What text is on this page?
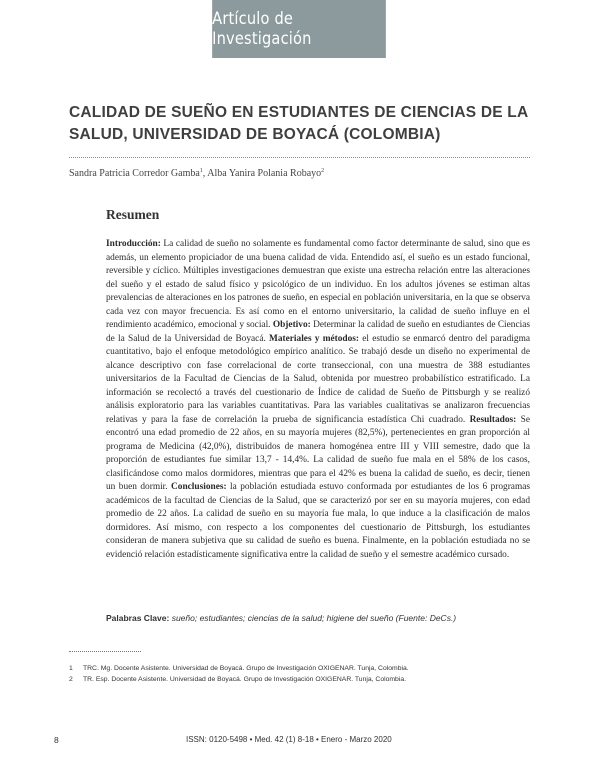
Artículo de Investigación
CALIDAD DE SUEÑO EN ESTUDIANTES DE CIENCIAS DE LA SALUD, UNIVERSIDAD DE BOYACÁ (COLOMBIA)
Sandra Patricia Corredor Gamba$^1$, Alba Yanira Polania Robayo$^2$
Resumen
Introducción: La calidad de sueño no solamente es fundamental como factor determinante de salud, sino que es además, un elemento propiciador de una buena calidad de vida. Entendido así, el sueño es un estado funcional, reversible y cíclico. Múltiples investigaciones demuestran que existe una estrecha relación entre las alteraciones del sueño y el estado de salud físico y psicológico de un individuo. En los adultos jóvenes se estiman altas prevalencias de alteraciones en los patrones de sueño, en especial en población universitaria, en la que se observa cada vez con mayor frecuencia. Es así como en el entorno universitario, la calidad de sueño influye en el rendimiento académico, emocional y social. Objetivo: Determinar la calidad de sueño en estudiantes de Ciencias de la Salud de la Universidad de Boyacá. Materiales y métodos: el estudio se enmarcó dentro del paradigma cuantitativo, bajo el enfoque metodológico empírico analítico. Se trabajó desde un diseño no experimental de alcance descriptivo con fase correlacional de corte transeccional, con una muestra de 388 estudiantes universitarios de la Facultad de Ciencias de la Salud, obtenida por muestreo probabilístico estratificado. La información se recolectó a través del cuestionario de Índice de calidad de Sueño de Pittsburgh y se realizó análisis exploratorio para las variables cuantitativas. Para las variables cualitativas se analizaron frecuencias relativas y para la fase de correlación la prueba de significancia estadística Chi cuadrado. Resultados: Se encontró una edad promedio de 22 años, en su mayoría mujeres (82,5%), pertenecientes en gran proporción al programa de Medicina (42,0%), distribuidos de manera homogénea entre III y VIII semestre, dado que la proporción de estudiantes fue similar 13,7 - 14,4%. La calidad de sueño fue mala en el 58% de los casos, clasificándose como malos dormidores, mientras que para el 42% es buena la calidad de sueño, es decir, tienen un buen dormir. Conclusiones: la población estudiada estuvo conformada por estudiantes de los 6 programas académicos de la facultad de Ciencias de la Salud, que se caracterizó por ser en su mayoría mujeres, con edad promedio de 22 años. La calidad de sueño en su mayoría fue mala, lo que induce a la clasificación de malos dormidores. Así mismo, con respecto a los componentes del cuestionario de Pittsburgh, los estudiantes consideran de manera subjetiva que su calidad de sueño es buena. Finalmente, en la población estudiada no se evidenció relación estadísticamente significativa entre la calidad de sueño y el semestre académico cursado.
Palabras Clave: sueño; estudiantes; ciencias de la salud; higiene del sueño (Fuente: DeCs.)
1	TRC. Mg. Docente Asistente. Universidad de Boyacá. Grupo de Investigación OXIGENAR. Tunja, Colombia.
2	TR. Esp. Docente Asistente. Universidad de Boyacá. Grupo de Investigación OXIGENAR. Tunja, Colombia.
8	ISSN: 0120-5498 • Med. 42 (1) 8-18 • Enero - Marzo 2020
